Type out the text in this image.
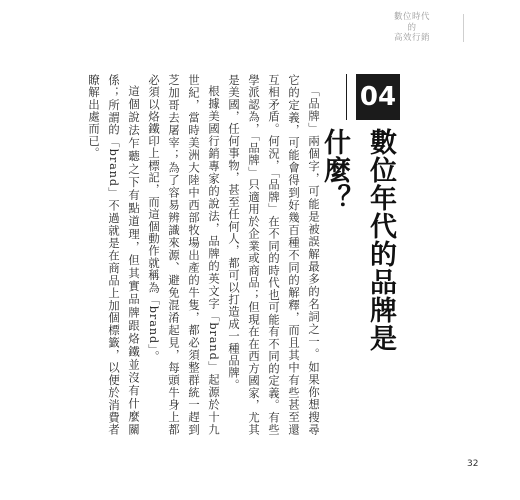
數位時代
的
高效行銷
04
數位年代的品牌是什麼？

「品牌」兩個字，可能是被誤解最多的名詞之一。如果你想搜尋它的定義，可能會得到好幾百種不同的解釋，而且其中有些甚至還互相矛盾。何況，「品牌」在不同的時代也可能有不同的定義。有些學派認為，「品牌」只適用於企業或商品；但現在在西方國家，尤其是美國，任何事物，甚至任何人，都可以打造成一種品牌。

根據美國行銷專家的說法，品牌的英文字「brand」起源於十九世紀，當時美洲大陸中西部牧場出產的牛隻，都必須整群統一趕到芝加哥去屠宰；為了容易辨識來源、避免混淆起見，每頭牛身上都必須以烙鐵印上標記，而這個動作就稱為「brand」。

這個說法乍聽之下有點道理，但其實品牌跟烙鐵並沒有什麼關係；所謂的「brand」不過就是在商品上加個標籤，以便於消費者瞭解出處而已。

32
